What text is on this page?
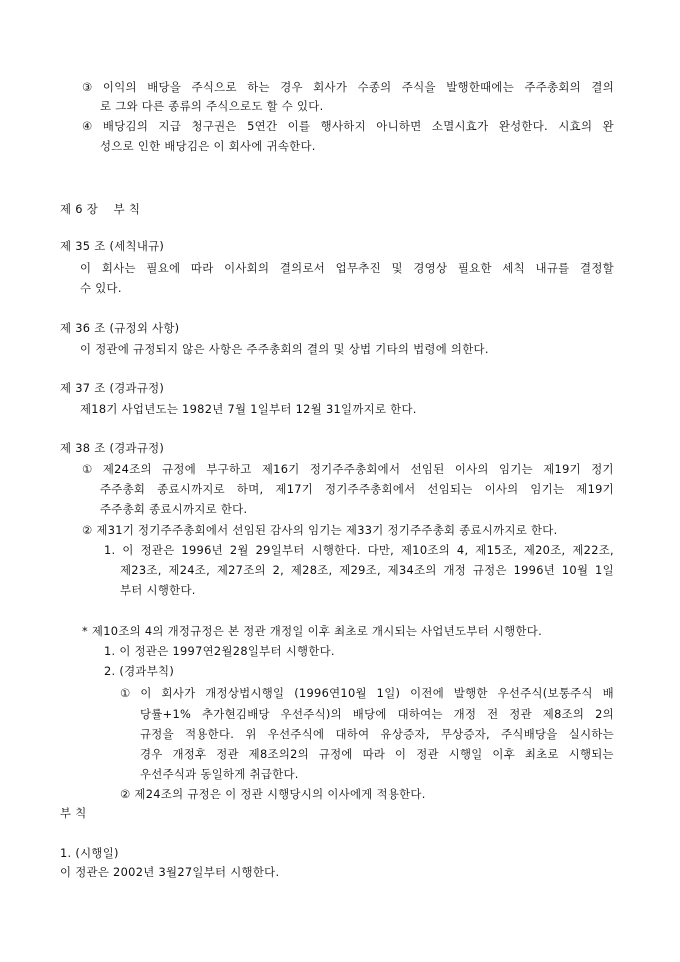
③ 이익의 배당을 주식으로 하는 경우 회사가 수종의 주식을 발행한때에는 주주총회의 결의
로 그와 다른 종류의 주식으로도 할 수 있다.
④ 배당김의 지급 청구권은 5연간 이를 행사하지 아니하면 소멸시효가 완성한다. 시효의 완
성으로 인한 배당김은 이 회사에 귀속한다.
제 6 장    부 칙
제 35 조 (세칙내규)
이 회사는 필요에 따라 이사회의 결의로서 업무추진 및 경영상 필요한 세칙 내규를 결정할
수 있다.
제 36 조 (규정외 사항)
이 정관에 규정되지 않은 사항은 주주총회의 결의 및 상법 기타의 법령에 의한다.
제 37 조 (경과규정)
제18기 사업년도는 1982년 7월 1일부터 12월 31일까지로 한다.
제 38 조 (경과규정)
① 제24조의 규정에 부구하고 제16기 정기주주총회에서 선임된 이사의 임기는 제19기 정기
주주총회 종료시까지로 하며, 제17기 정기주주총회에서 선임되는 이사의 임기는 제19기
주주총회 종료시까지로 한다.
② 제31기 정기주주총회에서 선임된 감사의 임기는 제33기 정기주주총회 종료시까지로 한다.
1. 이 정관은 1996년 2월 29일부터 시행한다. 다만, 제10조의 4, 제15조, 제20조, 제22조,
제23조, 제24조, 제27조의 2, 제28조, 제29조, 제34조의 개정 규정은 1996년 10월 1일
부터 시행한다.
* 제10조의 4의 개정규정은 본 정관 개정일 이후 최초로 개시되는 사업년도부터 시행한다.
1. 이 정관은 1997연2월28일부터 시행한다.
2. (경과부칙)
① 이 회사가 개정상법시행일 (1996연10월 1일) 이전에 발행한 우선주식(보통주식 배
당률+1% 추가현김배당 우선주식)의 배당에 대하여는 개정 전 정관 제8조의 2의
규정을 적용한다. 위 우선주식에 대하여 유상증자, 무상증자, 주식배당을 실시하는
경우 개정후 정관 제8조의2의 규정에 따라 이 정관 시행일 이후 최초로 시행되는
우선주식과 동일하게 취급한다.
② 제24조의 규정은 이 정관 시행당시의 이사에게 적용한다.
부 칙
1. (시행일)
이 정관은 2002년 3월27일부터 시행한다.
